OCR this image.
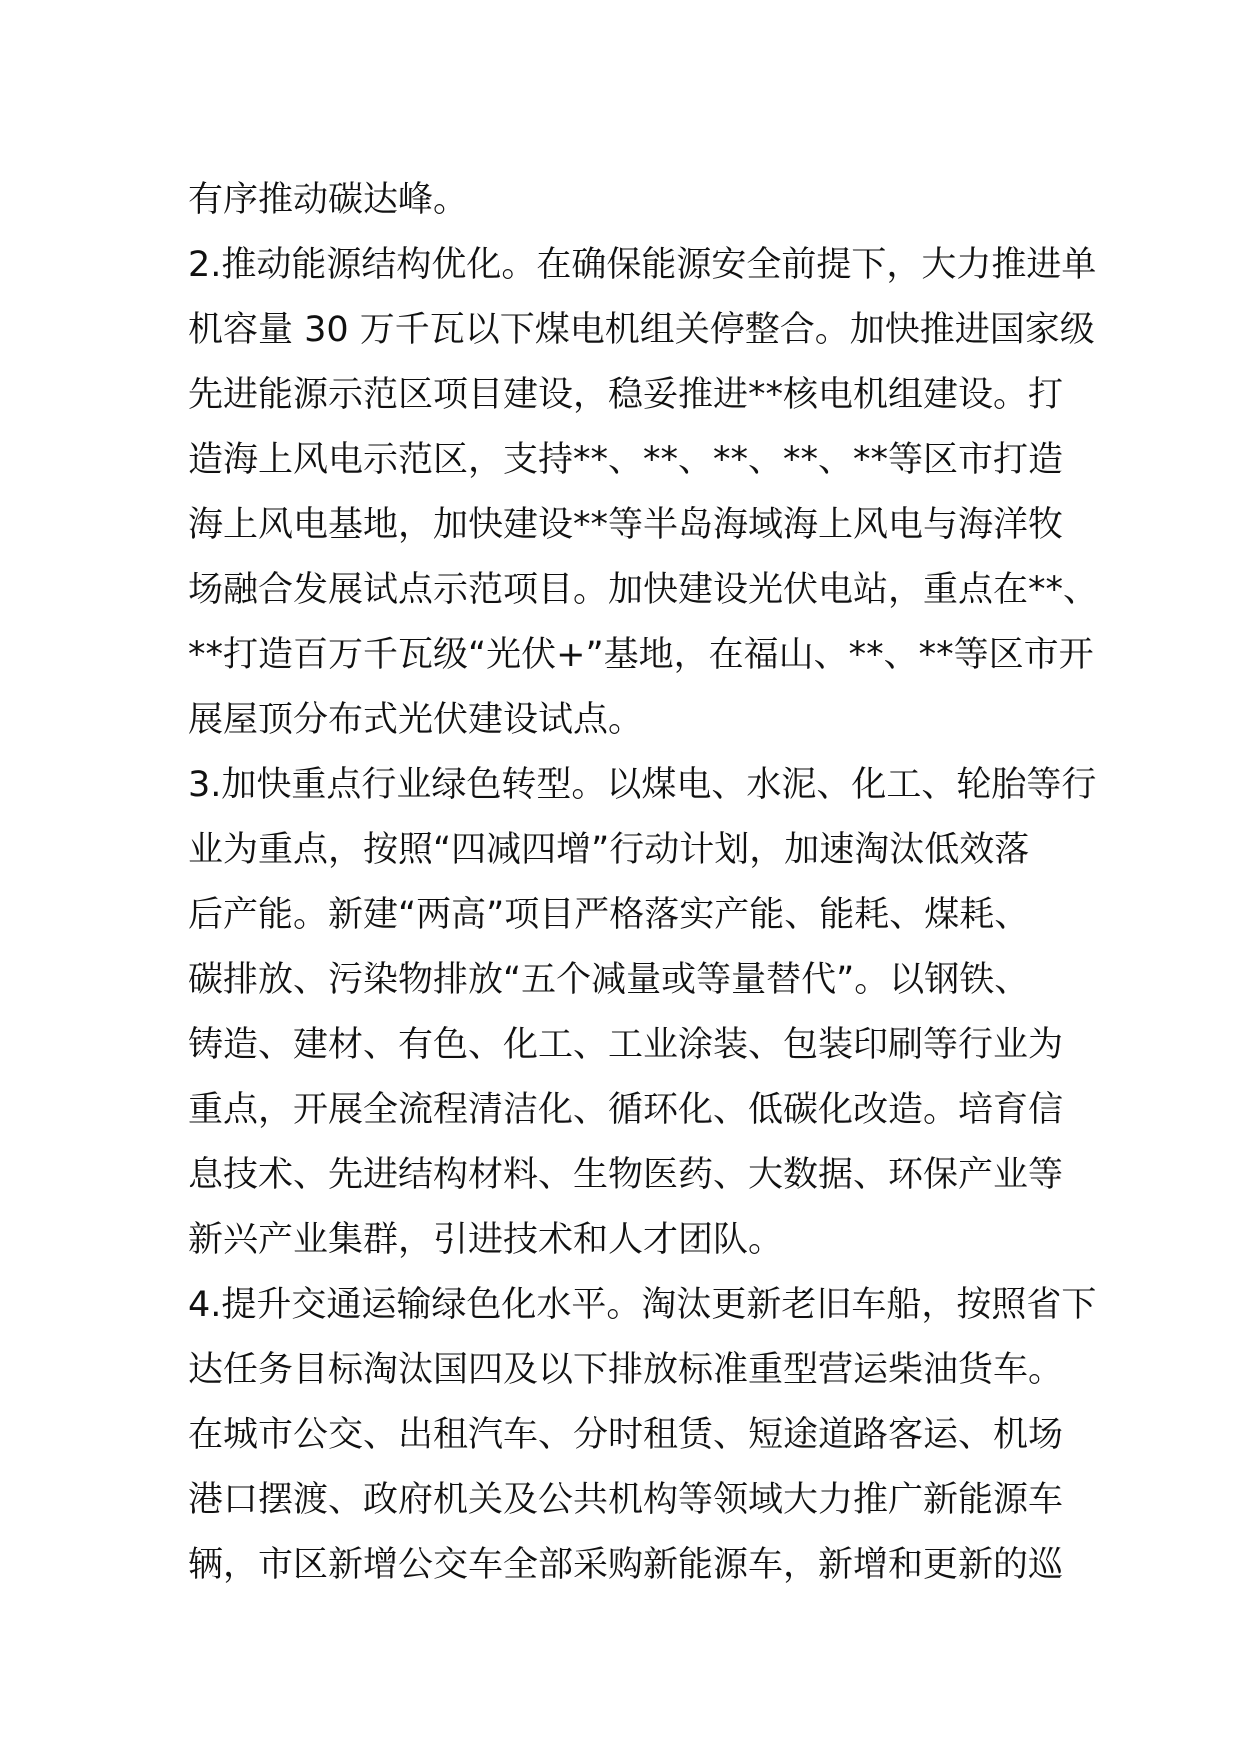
有序推动碳达峰。
2.推动能源结构优化。在确保能源安全前提下，大力推进单
机容量 30 万千瓦以下煤电机组关停整合。加快推进国家级
先进能源示范区项目建设，稳妥推进**核电机组建设。打
造海上风电示范区，支持**、**、**、**、**等区市打造
海上风电基地，加快建设**等半岛海域海上风电与海洋牧
场融合发展试点示范项目。加快建设光伏电站，重点在**、
**打造百万千瓦级“光伏+”基地，在福山、**、**等区市开
展屋顶分布式光伏建设试点。
3.加快重点行业绿色转型。以煤电、水泥、化工、轮胎等行
业为重点，按照“四减四增”行动计划，加速淘汰低效落
后产能。新建“两高”项目严格落实产能、能耗、煤耗、
碳排放、污染物排放“五个减量或等量替代”。以钢铁、
铸造、建材、有色、化工、工业涂装、包装印刷等行业为
重点，开展全流程清洁化、循环化、低碳化改造。培育信
息技术、先进结构材料、生物医药、大数据、环保产业等
新兴产业集群，引进技术和人才团队。
4.提升交通运输绿色化水平。淘汰更新老旧车船，按照省下
达任务目标淘汰国四及以下排放标准重型营运柴油货车。
在城市公交、出租汽车、分时租赁、短途道路客运、机场
港口摆渡、政府机关及公共机构等领域大力推广新能源车
辆，市区新增公交车全部采购新能源车，新增和更新的巡
